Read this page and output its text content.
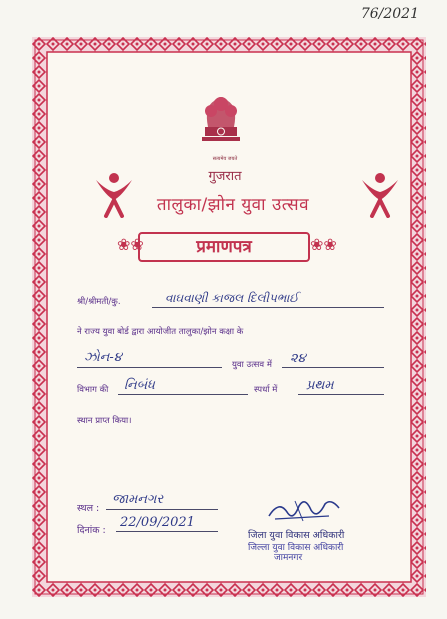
76/2021
सत्यमेव जयते
गुजरात
तालुका/झोन युवा उत्सव
❀❀	प्रमाणपत्र	❀❀
श्री/श्रीमती/कु.	વાઘવાણી કાજલ દિલીપભાઈ
ने राज्य युवा बोर्ड द्वारा आयोजीत तालुका/झोन कक्षा के
ઝોન-૪	युवा उत्सव में ૨૪
विभाग की નિબંધ	स्पर्धा में પ્રથમ
स्थान प्राप्त किया।
स्थल :
જામનગર
दिनांक :
22/09/2021
जिला युवा विकास अधिकारी
जिल्ला युवा विकास अधिकारी
जामनगर
